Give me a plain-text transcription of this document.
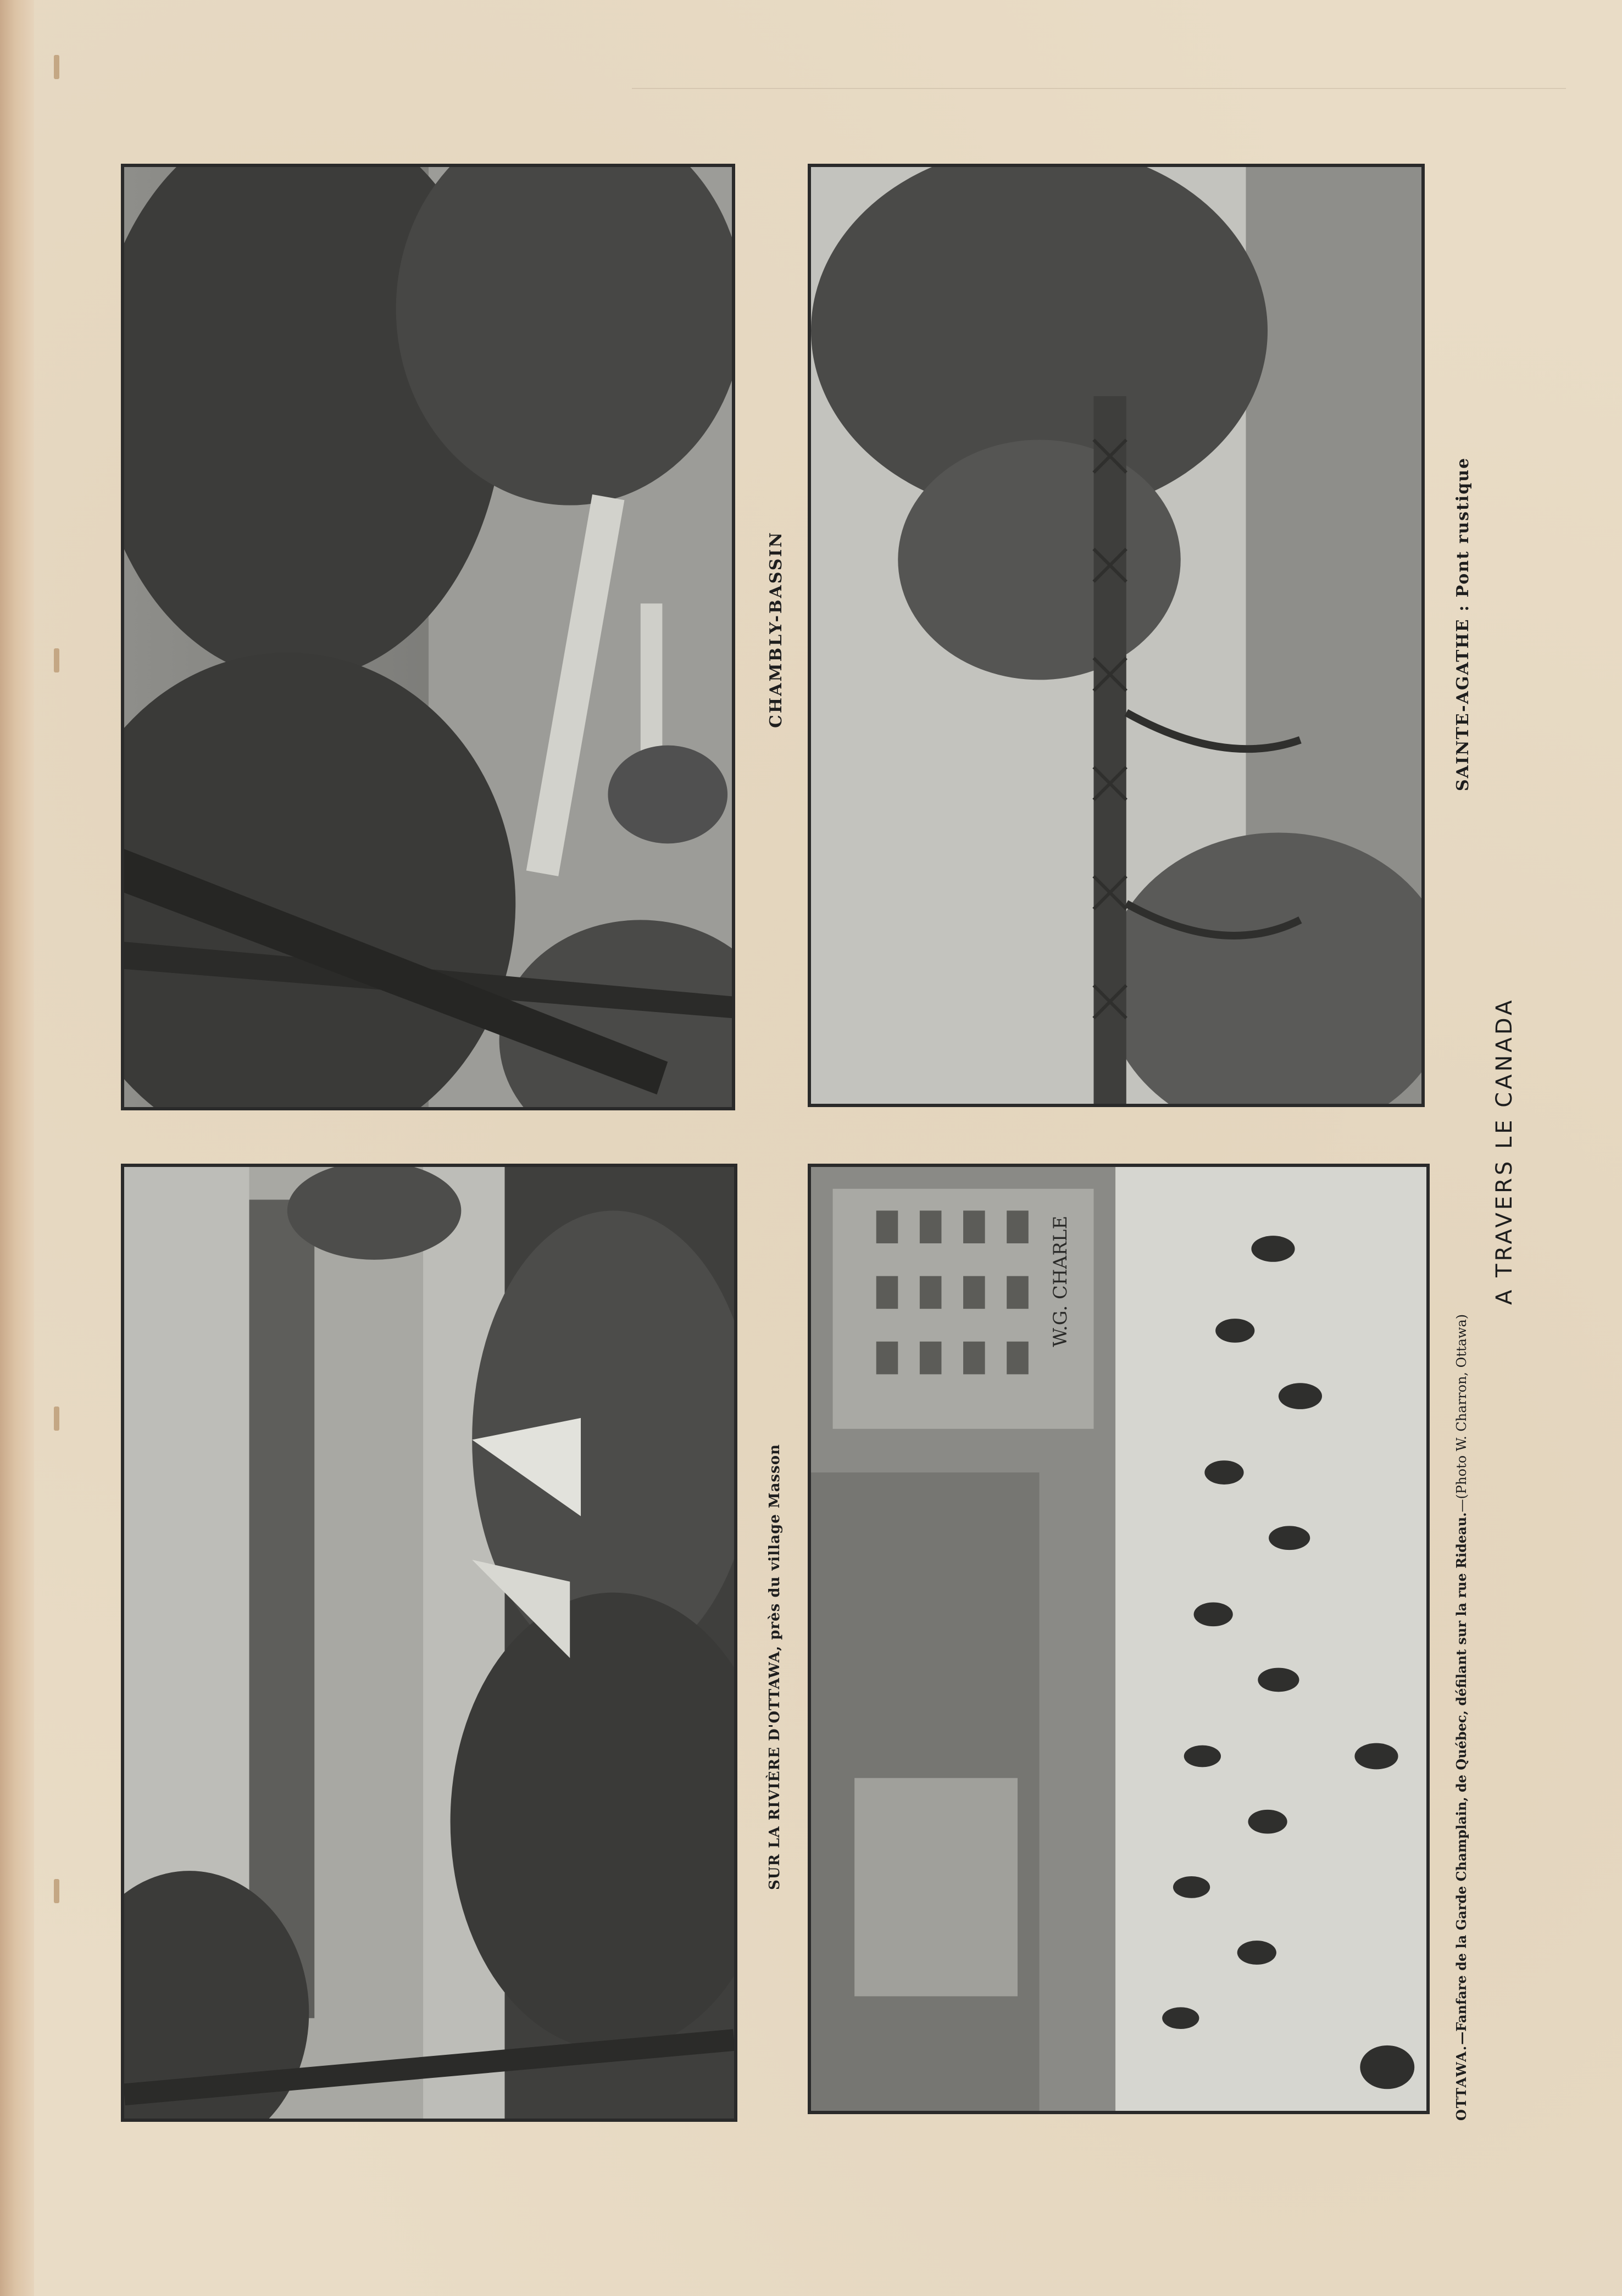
CHAMBLY-BASSIN	SAINTE-AGATHE : Pont rustique
SUR LA RIVIÈRE D'OTTAWA, près du village Masson
W.G. CHARLE
OTTAWA.—Fanfare de la Garde Champlain, de Québec, défilant sur la rue Rideau.—(Photo W. Charron, Ottawa)
A TRAVERS LE CANADA
